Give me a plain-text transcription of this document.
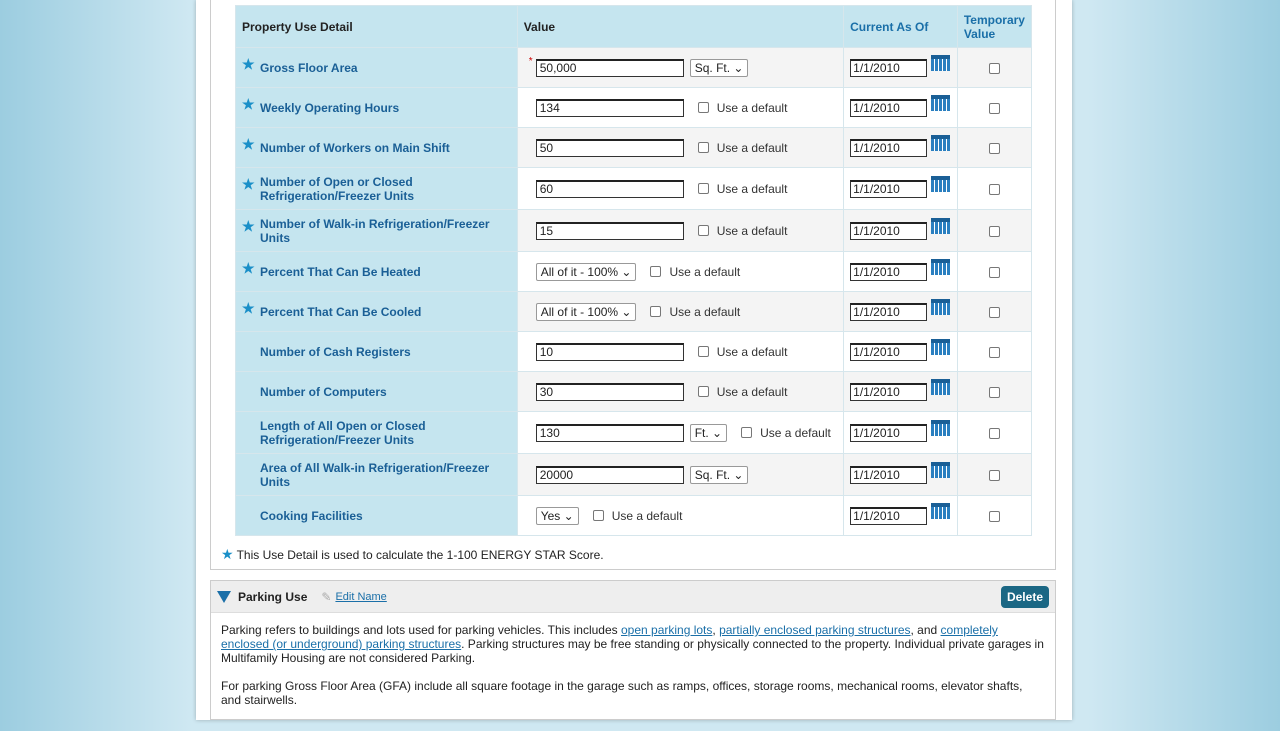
Property Use Detail	Value	Current As Of	Temporary Value

★ Gross Floor Area	* 50,000 Sq. Ft. ⌄	1/1/2010	

★ Weekly Operating Hours	134 Use a default	1/1/2010	

★ Number of Workers on Main Shift	50 Use a default	1/1/2010	

★ Number of Open or Closed Refrigeration/Freezer Units	60 Use a default	1/1/2010	

★ Number of Walk-in Refrigeration/Freezer Units	15 Use a default	1/1/2010	

★ Percent That Can Be Heated	All of it - 100% ⌄ Use a default	1/1/2010	

★ Percent That Can Be Cooled	All of it - 100% ⌄ Use a default	1/1/2010	
Number of Cash Registers	10 Use a default	1/1/2010	
Number of Computers	30 Use a default	1/1/2010	
Length of All Open or Closed Refrigeration/Freezer Units	130 Ft. ⌄ Use a default	1/1/2010	
Area of All Walk-in Refrigeration/Freezer Units	20000 Sq. Ft. ⌄	1/1/2010	
Cooking Facilities	Yes ⌄ Use a default	1/1/2010	
★ This Use Detail is used to calculate the 1-100 ENERGY STAR Score.
Parking Use ✎ Edit Name	Delete

Parking refers to buildings and lots used for parking vehicles. This includes open parking lots, partially enclosed parking structures, and completely enclosed (or underground) parking structures. Parking structures may be free standing or physically connected to the property. Individual private garages in Multifamily Housing are not considered Parking.

For parking Gross Floor Area (GFA) include all square footage in the garage such as ramps, offices, storage rooms, mechanical rooms, elevator shafts, and stairwells.
